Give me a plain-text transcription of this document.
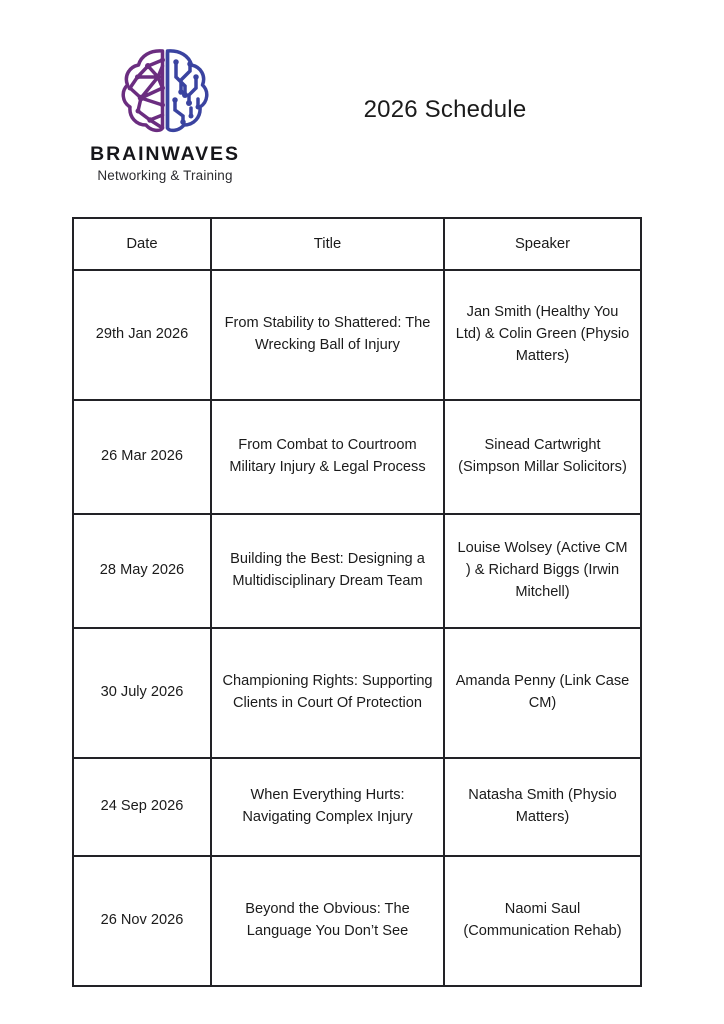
BRAINWAVES
Networking & Training
2026 Schedule
Date	Title	Speaker
29th Jan 2026	From Stability to Shattered: The Wrecking Ball of Injury	Jan Smith (Healthy You Ltd) & Colin Green (Physio Matters)
26 Mar 2026	From Combat to Courtroom Military Injury & Legal Process	Sinead Cartwright (Simpson Millar Solicitors)
28 May 2026	Building the Best: Designing a Multidisciplinary Dream Team	Louise Wolsey (Active CM ) & Richard Biggs (Irwin Mitchell)
30 July 2026	Championing Rights: Supporting Clients in Court Of Protection	Amanda Penny (Link Case CM)
24 Sep 2026	When Everything Hurts: Navigating Complex Injury	Natasha Smith (Physio Matters)
26 Nov 2026	Beyond the Obvious: The Language You Don’t See	Naomi Saul (Communication Rehab)
